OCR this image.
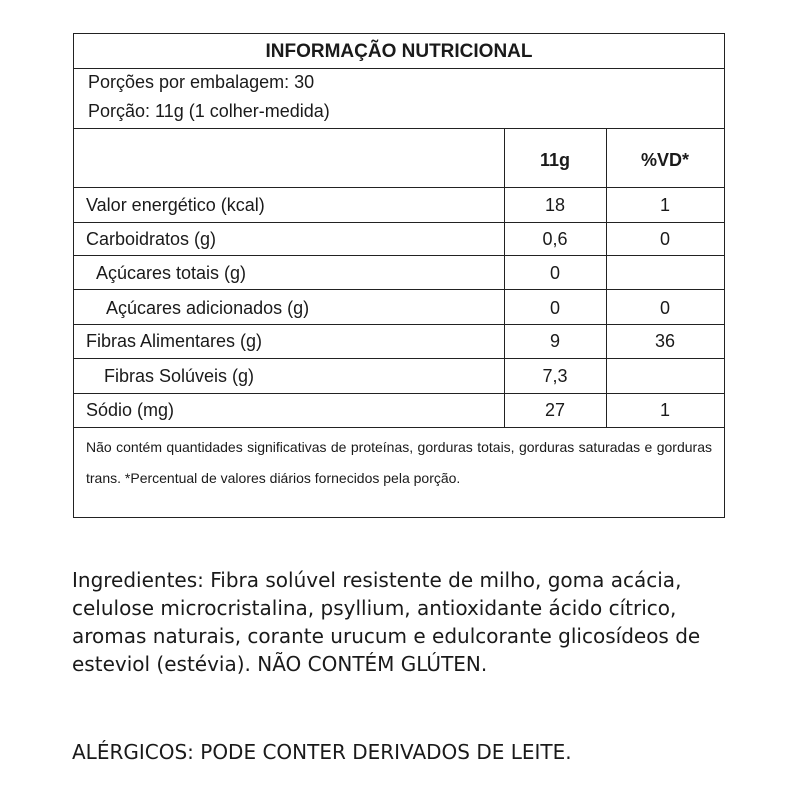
INFORMAÇÃO NUTRICIONAL
Porções por embalagem: 30
Porção: 11g (1 colher-medida)
11g	%VD*
Valor energético (kcal)	18	1
Carboidratos (g)	0,6	0
Açúcares totais (g)	0
Açúcares adicionados (g)	0	0
Fibras Alimentares (g)	9	36
Fibras Solúveis (g)	7,3
Sódio (mg)	27	1
Não contém quantidades significativas de proteínas, gorduras totais, gorduras saturadas e gorduras trans. *Percentual de valores diários fornecidos pela porção.
Ingredientes: Fibra solúvel resistente de milho, goma acácia, celulose microcristalina, psyllium, antioxidante ácido cítrico, aromas naturais, corante urucum e edulcorante glicosídeos de esteviol (estévia). NÃO CONTÉM GLÚTEN.
ALÉRGICOS: PODE CONTER DERIVADOS DE LEITE.
